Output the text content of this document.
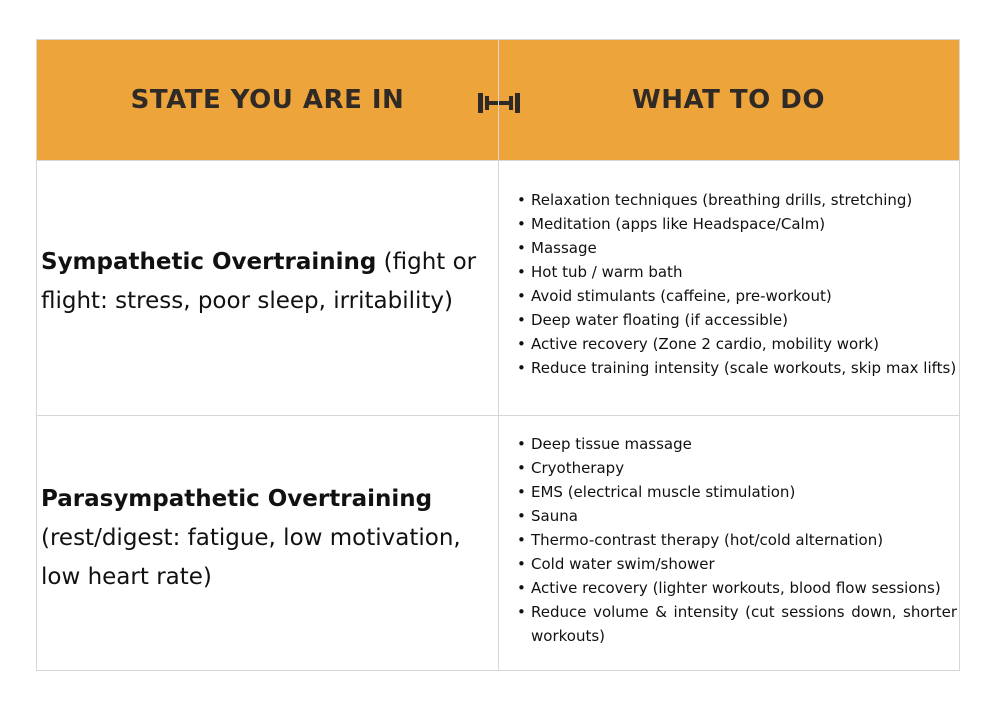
STATE YOU ARE IN	WHAT TO DO
Sympathetic Overtraining (fight or flight: stress, poor sleep, irritability)
• Relaxation techniques (breathing drills, stretching)
• Meditation (apps like Headspace/Calm)
• Massage
• Hot tub / warm bath
• Avoid stimulants (caffeine, pre-workout)
• Deep water floating (if accessible)
• Active recovery (Zone 2 cardio, mobility work)
• Reduce training intensity (scale workouts, skip max lifts)
Parasympathetic Overtraining
(rest/digest: fatigue, low motivation, low heart rate)
• Deep tissue massage
• Cryotherapy
• EMS (electrical muscle stimulation)
• Sauna
• Thermo-contrast therapy (hot/cold alternation)
• Cold water swim/shower
• Active recovery (lighter workouts, blood flow sessions)
• Reduce volume & intensity (cut sessions down, shorter workouts)
